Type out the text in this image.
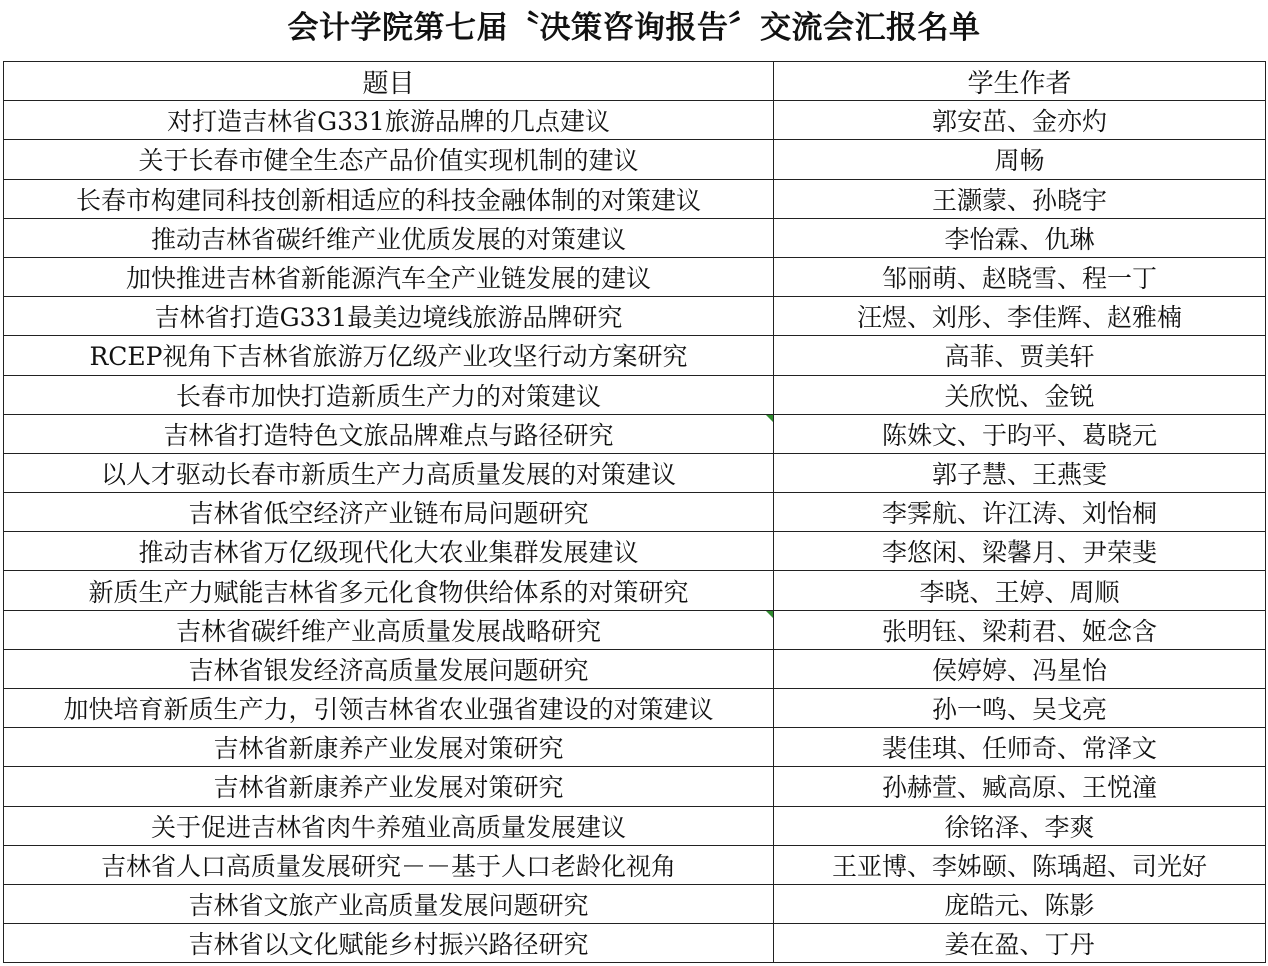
会计学院第七届〝决策咨询报告〞交流会汇报名单
题目	学生作者
对打造吉林省G331旅游品牌的几点建议	郭安茁、金亦灼
关于长春市健全生态产品价值实现机制的建议	周畅
长春市构建同科技创新相适应的科技金融体制的对策建议	王灏蒙、孙晓宇
推动吉林省碳纤维产业优质发展的对策建议	李怡霖、仇琳
加快推进吉林省新能源汽车全产业链发展的建议	邹丽萌、赵晓雪、程一丁
吉林省打造G331最美边境线旅游品牌研究	汪煜、刘彤、李佳辉、赵雅楠
RCEP视角下吉林省旅游万亿级产业攻坚行动方案研究	高菲、贾美轩
长春市加快打造新质生产力的对策建议	关欣悦、金锐
吉林省打造特色文旅品牌难点与路径研究	陈姝文、于昀平、葛晓元
以人才驱动长春市新质生产力高质量发展的对策建议	郭子慧、王燕雯
吉林省低空经济产业链布局问题研究	李霁航、许江涛、刘怡桐
推动吉林省万亿级现代化大农业集群发展建议	李悠闲、梁馨月、尹荣斐
新质生产力赋能吉林省多元化食物供给体系的对策研究	李晓、王婷、周顺
吉林省碳纤维产业高质量发展战略研究	张明钰、梁莉君、姬念含
吉林省银发经济高质量发展问题研究	侯婷婷、冯星怡
加快培育新质生产力，引领吉林省农业强省建设的对策建议	孙一鸣、吴戈亮
吉林省新康养产业发展对策研究	裴佳琪、任师奇、常泽文
吉林省新康养产业发展对策研究	孙赫萱、臧高原、王悦潼
关于促进吉林省肉牛养殖业高质量发展建议	徐铭泽、李爽
吉林省人口高质量发展研究－－基于人口老龄化视角	王亚博、李姊颐、陈瑀超、司光好
吉林省文旅产业高质量发展问题研究	庞皓元、陈影
吉林省以文化赋能乡村振兴路径研究	姜在盈、丁丹
